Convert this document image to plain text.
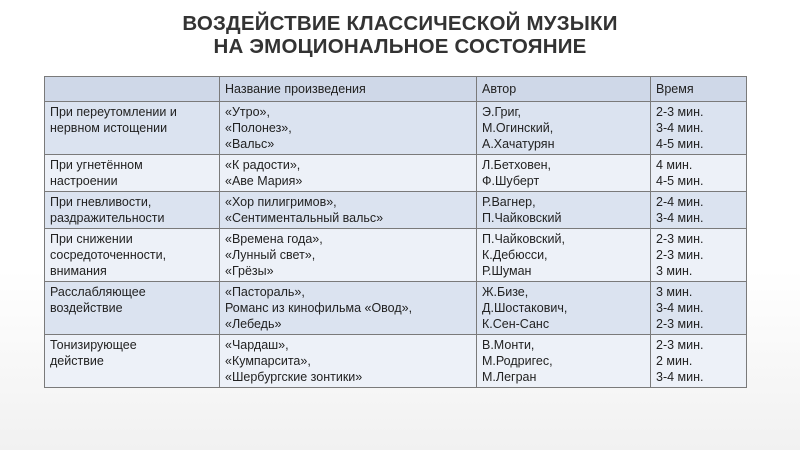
ВОЗДЕЙСТВИЕ КЛАССИЧЕСКОЙ МУЗЫКИ
НА ЭМОЦИОНАЛЬНОЕ СОСТОЯНИЕ
	Название произведения	Автор	Время

При переутомлении и
нервном истощении	«Утро»,
«Полонез»,
«Вальс»	Э.Григ,
М.Огинский,
А.Хачатурян	2-3 мин.
3-4 мин.
4-5 мин.

При угнетённом
настроении	«К радости»,
«Аве Мария»	Л.Бетховен,
Ф.Шуберт	4 мин.
4-5 мин.

При гневливости,
раздражительности	«Хор пилигримов»,
«Сентиментальный вальс»	Р.Вагнер,
П.Чайковский	2-4 мин.
3-4 мин.

При снижении
сосредоточенности,
внимания	«Времена года»,
«Лунный свет»,
«Грёзы»	П.Чайковский,
К.Дебюсси,
Р.Шуман	2-3 мин.
2-3 мин.
3 мин.

Расслабляющее
воздействие	«Пастораль»,
Романс из кинофильма «Овод»,
«Лебедь»	Ж.Бизе,
Д.Шостакович,
К.Сен-Санс	3 мин.
3-4 мин.
2-3 мин.

Тонизирующее
действие	«Чардаш»,
«Кумпарсита»,
«Шербургские зонтики»	В.Монти,
М.Родригес,
М.Легран	2-3 мин.
2 мин.
3-4 мин.
